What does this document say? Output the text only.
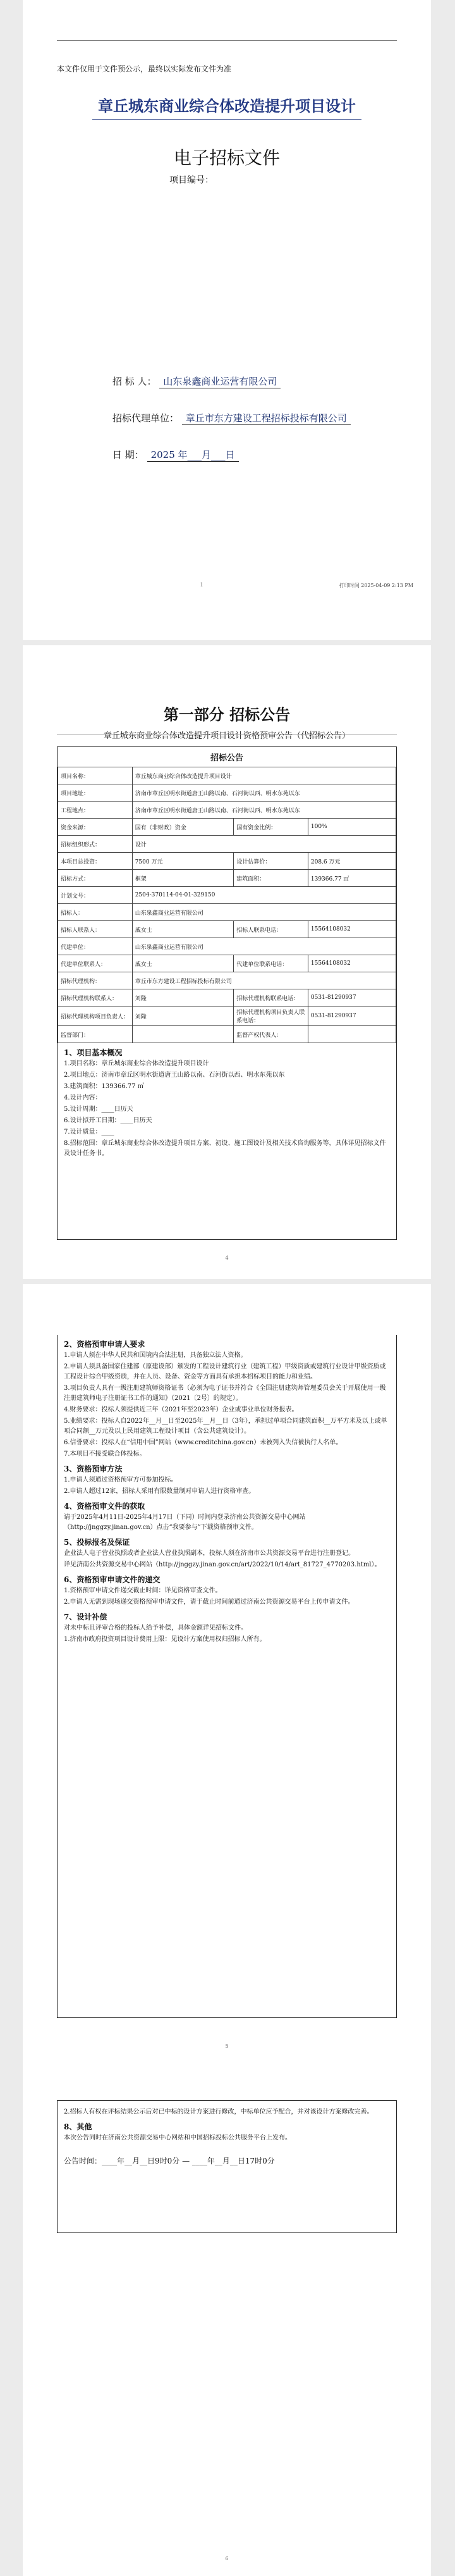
本文件仅用于文件预公示，最终以实际发布文件为准
章丘城东商业综合体改造提升项目设计
电子招标文件
项目编号：
招 标 人： 山东泉鑫商业运营有限公司
招标代理单位： 章丘市东方建设工程招标投标有限公司
日 期： 2025 年___月___日
1	打印时间 2025-04-09 2:13 PM
第一部分 招标公告
章丘城东商业综合体改造提升项目设计资格预审公告（代招标公告）
招标公告
项目名称：	章丘城东商业综合体改造提升项目设计		
项目地址：	济南市章丘区明水街道唐王山路以南、石河街以西、明水东苑以东		
工程地点：	济南市章丘区明水街道唐王山路以南、石河街以西、明水东苑以东		
资金来源：	国有（非财政）资金	国有资金比例：	100%
招标组织形式：	设计		
本项目总投资：	7500 万元	设计估算价：	208.6 万元
招标方式：	框架	建筑面积：	139366.77 ㎡
计划文号：	2504-370114-04-01-329150		
招标人：	山东泉鑫商业运营有限公司		
招标人联系人：	戚女士	招标人联系电话：	15564108032
代建单位：	山东泉鑫商业运营有限公司		
代建单位联系人：	戚女士	代建单位联系电话：	15564108032
招标代理机构：	章丘市东方建设工程招标投标有限公司		
招标代理机构联系人：	刘隆	招标代理机构联系电话：	0531-81290937
招标代理机构项目负责人：	刘隆	招标代理机构项目负责人联系电话：	0531-81290937
监督部门：		监督产权代表人：	
1、项目基本概况
1.项目名称：章丘城东商业综合体改造提升项目设计
2.项目地点：济南市章丘区明水街道唐王山路以南、石河街以西、明水东苑以东
3.建筑面积：139366.77 ㎡
4.设计内容：
5.设计周期：____日历天
6.设计拟开工日期：____日历天
7.设计质量：____
8.招标范围：章丘城东商业综合体改造提升项目方案、初设、施工图设计及相关技术咨询服务等，具体详见招标文件及设计任务书。
4
2、资格预审申请人要求
1.申请人须在中华人民共和国境内合法注册，具备独立法人资格。
2.申请人须具备国家住建部（原建设部）颁发的工程设计建筑行业（建筑工程）甲级资质或建筑行业设计甲级资质或工程设计综合甲级资质，并在人员、设备、资金等方面具有承担本招标项目的能力和业绩。
3.项目负责人具有一级注册建筑师资格证书（必须为电子证书并符合《全国注册建筑师管理委员会关于开展使用一级注册建筑师电子注册证书工作的通知》（2021〔2号〕的规定）。
4.财务要求：投标人须提供近三年（2021年至2023年）企业或事业单位财务报表。
5.业绩要求：投标人自2022年__月__日至2025年__月__日（3年），承担过单项合同建筑面积__万平方米及以上或单项合同额__万元及以上民用建筑工程设计项目（含公共建筑设计）。
6.信誉要求：投标人在“信用中国”网站（www.creditchina.gov.cn）未被列入失信被执行人名单。
7.本项目不接受联合体投标。
3、资格预审方法
1.申请人须通过资格预审方可参加投标。
2.申请人超过12家，招标人采用有限数量制对申请人进行资格审查。
4、资格预审文件的获取
请于2025年4月11日-2025年4月17日（下同）时间内登录济南公共资源交易中心网站（http://jnggzy.jinan.gov.cn）点击“我要参与”下载资格预审文件。
5、投标报名及保证
企业法人电子营业执照或者企业法人营业执照副本，投标人须在济南市公共资源交易平台进行注册登记。
详见济南公共资源交易中心网站（http://jnggzy.jinan.gov.cn/art/2022/10/14/art_81727_4770203.html）。
6、资格预审申请文件的递交
1.资格预审申请文件递交截止时间：详见资格审查文件。
2.申请人无需到现场递交资格预审申请文件，请于截止时间前通过济南公共资源交易平台上传申请文件。
7、设计补偿
对未中标且评审合格的投标人给予补偿，具体金额详见招标文件。
1.济南市政府投资项目设计费用上限：见设计方案使用权归招标人所有。
5
2.招标人有权在评标结果公示后对已中标的设计方案进行修改，中标单位应予配合，并对该设计方案修改完善。
8、其他
本次公告同时在济南公共资源交易中心网站和中国招标投标公共服务平台上发布。
公告时间：____年__月__日9时0分 — ____年__月__日17时0分
6
